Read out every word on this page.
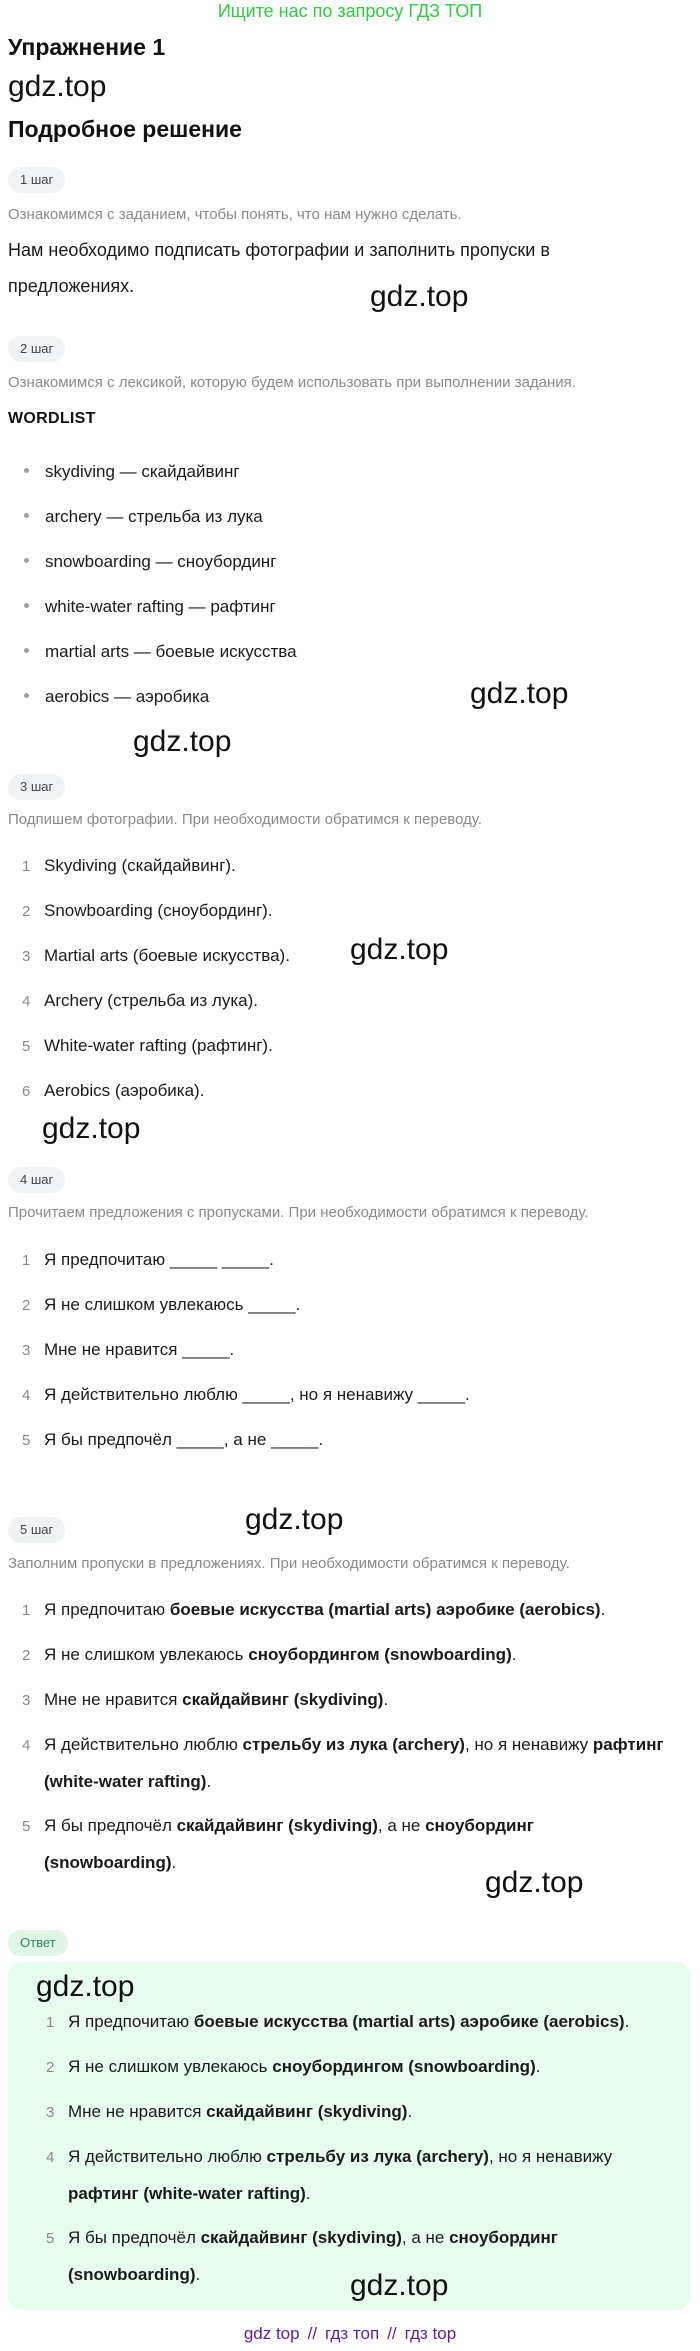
Ищите нас по запросу ГДЗ ТОП
Упражнение 1
gdz.top
Подробное решение
1 шаг
Ознакомимся с заданием, чтобы понять, что нам нужно сделать.
Нам необходимо подписать фотографии и заполнить пропуски в предложениях.	gdz.top
2 шаг
Ознакомимся с лексикой, которую будем использовать при выполнении задания.
WORDLIST
skydiving — скайдайвинг
archery — стрельба из лука
snowboarding — сноубординг
white-water rafting — рафтинг
martial arts — боевые искусства
aerobics — аэробика	gdz.top
gdz.top
3 шаг
Подпишем фотографии. При необходимости обратимся к переводу.
1 Skydiving (скайдайвинг).
2 Snowboarding (сноубординг).
3 Martial arts (боевые искусства).
4 Archery (стрельба из лука).
5 White-water rafting (рафтинг).
6 Aerobics (аэробика).
gdz.top
gdz.top
4 шаг
Прочитаем предложения с пропусками. При необходимости обратимся к переводу.
1 Я предпочитаю _____ _____.
2 Я не слишком увлекаюсь _____.
3 Мне не нравится _____.
4 Я действительно люблю _____, но я ненавижу _____.
5 Я бы предпочёл _____, а не _____.
gdz.top
5 шаг
Заполним пропуски в предложениях. При необходимости обратимся к переводу.
1 Я предпочитаю боевые искусства (martial arts) аэробике (aerobics).
2 Я не слишком увлекаюсь сноубордингом (snowboarding).
3 Мне не нравится скайдайвинг (skydiving).
4 Я действительно люблю стрельбу из лука (archery), но я ненавижу рафтинг (white-water rafting).
5 Я бы предпочёл скайдайвинг (skydiving), а не сноубординг (snowboarding).
gdz.top
Ответ
gdz.top
1 Я предпочитаю боевые искусства (martial arts) аэробике (aerobics).
2 Я не слишком увлекаюсь сноубордингом (snowboarding).
3 Мне не нравится скайдайвинг (skydiving).
4 Я действительно люблю стрельбу из лука (archery), но я ненавижу рафтинг (white-water rafting).
5 Я бы предпочёл скайдайвинг (skydiving), а не сноубординг (snowboarding).	gdz.top
gdz top // гдз топ // гдз top
